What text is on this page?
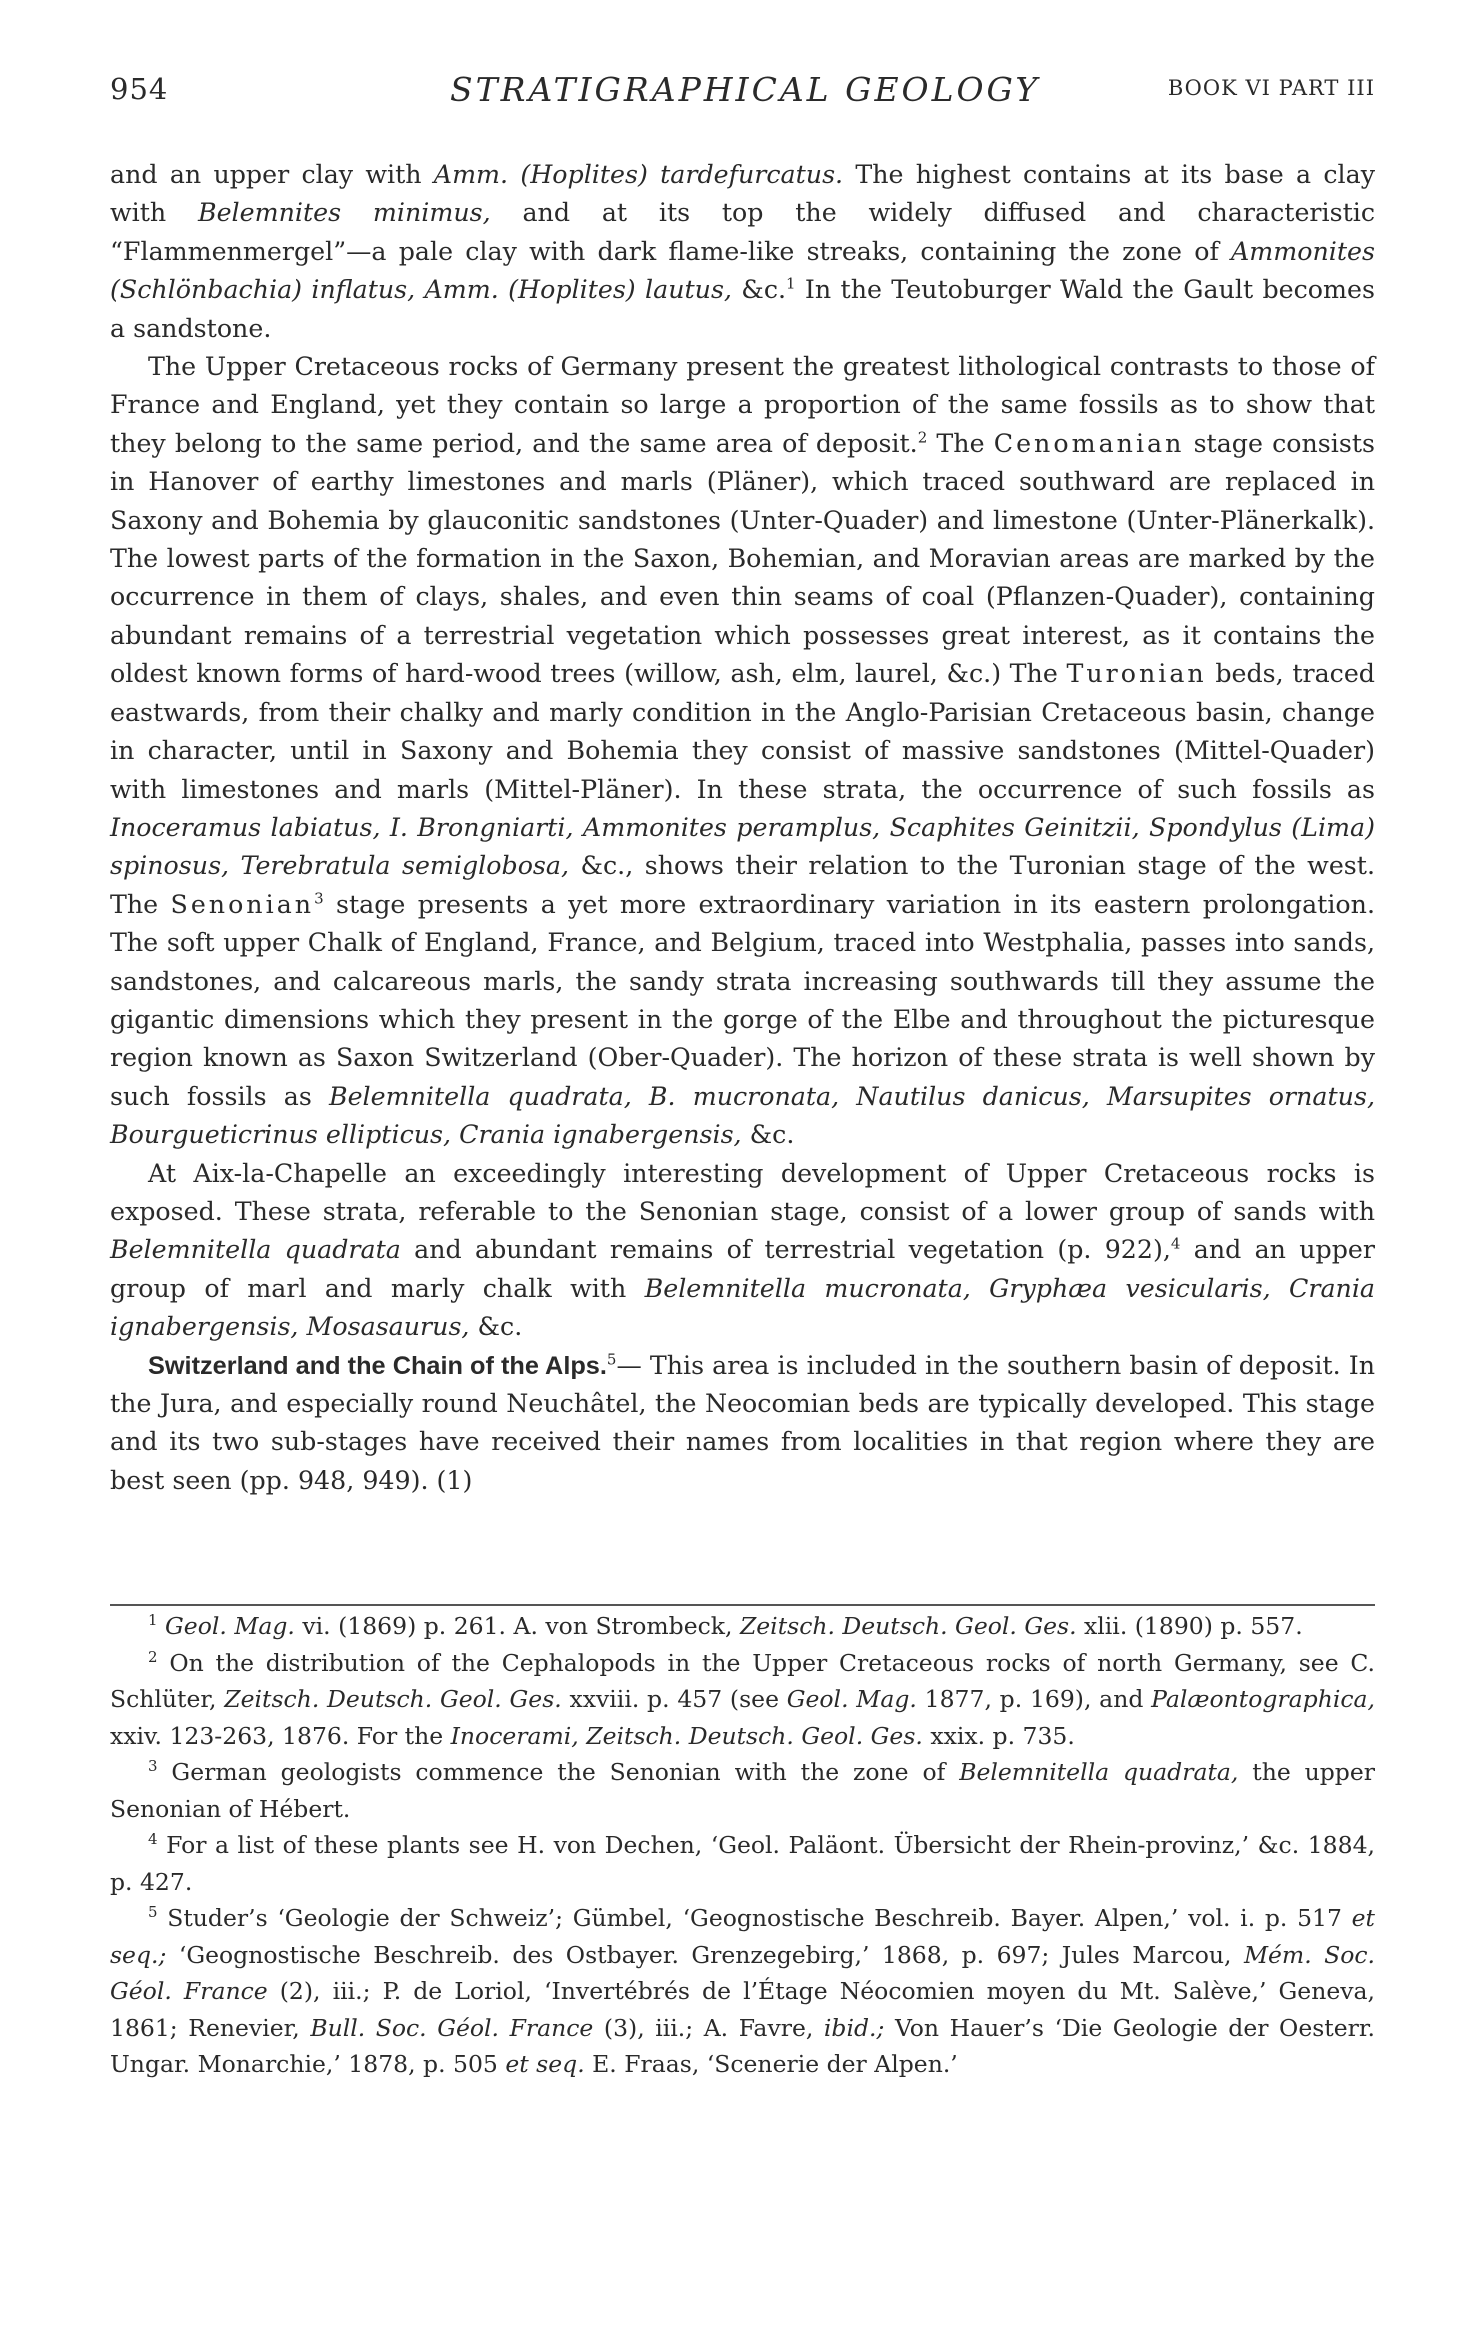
954	STRATIGRAPHICAL GEOLOGY	BOOK VI PART III

and an upper clay with Amm. (Hoplites) tardefurcatus. The highest contains at its base a clay with Belemnites minimus, and at its top the widely diffused and characteristic “Flammenmergel”—a pale clay with dark flame-like streaks, containing the zone of Ammonites (Schlönbachia) inflatus, Amm. (Hoplites) lautus, &c.$^1$ In the Teutoburger Wald the Gault becomes a sandstone.

The Upper Cretaceous rocks of Germany present the greatest lithological contrasts to those of France and England, yet they contain so large a proportion of the same fossils as to show that they belong to the same period, and the same area of deposit.$^2$ The Cenomanian stage consists in Hanover of earthy limestones and marls (Pläner), which traced southward are replaced in Saxony and Bohemia by glauconitic sandstones (Unter-Quader) and limestone (Unter-Plänerkalk). The lowest parts of the formation in the Saxon, Bohemian, and Moravian areas are marked by the occurrence in them of clays, shales, and even thin seams of coal (Pflanzen-Quader), containing abundant remains of a terrestrial vegetation which possesses great interest, as it contains the oldest known forms of hard-wood trees (willow, ash, elm, laurel, &c.) The Turonian beds, traced eastwards, from their chalky and marly condition in the Anglo-Parisian Cretaceous basin, change in character, until in Saxony and Bohemia they consist of massive sandstones (Mittel-Quader) with limestones and marls (Mittel-Pläner). In these strata, the occurrence of such fossils as Inoceramus labiatus, I. Brongniarti, Ammonites peramplus, Scaphites Geinitzii, Spondylus (Lima) spinosus, Terebratula semiglobosa, &c., shows their relation to the Turonian stage of the west. The Senonian$^3$ stage presents a yet more extraordinary variation in its eastern prolongation. The soft upper Chalk of England, France, and Belgium, traced into Westphalia, passes into sands, sandstones, and calcareous marls, the sandy strata increasing southwards till they assume the gigantic dimensions which they present in the gorge of the Elbe and throughout the picturesque region known as Saxon Switzerland (Ober-Quader). The horizon of these strata is well shown by such fossils as Belemnitella quadrata, B. mucronata, Nautilus danicus, Marsupites ornatus, Bourgueticrinus ellipticus, Crania ignabergensis, &c.

At Aix-la-Chapelle an exceedingly interesting development of Upper Cretaceous rocks is exposed. These strata, referable to the Senonian stage, consist of a lower group of sands with Belemnitella quadrata and abundant remains of terrestrial vegetation (p. 922),$^4$ and an upper group of marl and marly chalk with Belemnitella mucronata, Gryphæa vesicularis, Crania ignabergensis, Mosasaurus, &c.

Switzerland and the Chain of the Alps.$^5$— This area is included in the southern basin of deposit. In the Jura, and especially round Neuchâtel, the Neocomian beds are typically developed. This stage and its two sub-stages have received their names from localities in that region where they are best seen (pp. 948, 949). (1)

$^1$ Geol. Mag. vi. (1869) p. 261. A. von Strombeck, Zeitsch. Deutsch. Geol. Ges. xlii. (1890) p. 557.

$^2$ On the distribution of the Cephalopods in the Upper Cretaceous rocks of north Germany, see C. Schlüter, Zeitsch. Deutsch. Geol. Ges. xxviii. p. 457 (see Geol. Mag. 1877, p. 169), and Palæontographica, xxiv. 123-263, 1876. For the Inocerami, Zeitsch. Deutsch. Geol. Ges. xxix. p. 735.

$^3$ German geologists commence the Senonian with the zone of Belemnitella quadrata, the upper Senonian of Hébert.

$^4$ For a list of these plants see H. von Dechen, ‘Geol. Paläont. Übersicht der Rhein-provinz,’ &c. 1884, p. 427.

$^5$ Studer’s ‘Geologie der Schweiz’; Gümbel, ‘Geognostische Beschreib. Bayer. Alpen,’ vol. i. p. 517 et seq.; ‘Geognostische Beschreib. des Ostbayer. Grenzegebirg,’ 1868, p. 697; Jules Marcou, Mém. Soc. Géol. France (2), iii.; P. de Loriol, ‘Invertébrés de l’Étage Néocomien moyen du Mt. Salève,’ Geneva, 1861; Renevier, Bull. Soc. Géol. France (3), iii.; A. Favre, ibid.; Von Hauer’s ‘Die Geologie der Oesterr. Ungar. Monarchie,’ 1878, p. 505 et seq. E. Fraas, ‘Scenerie der Alpen.’
